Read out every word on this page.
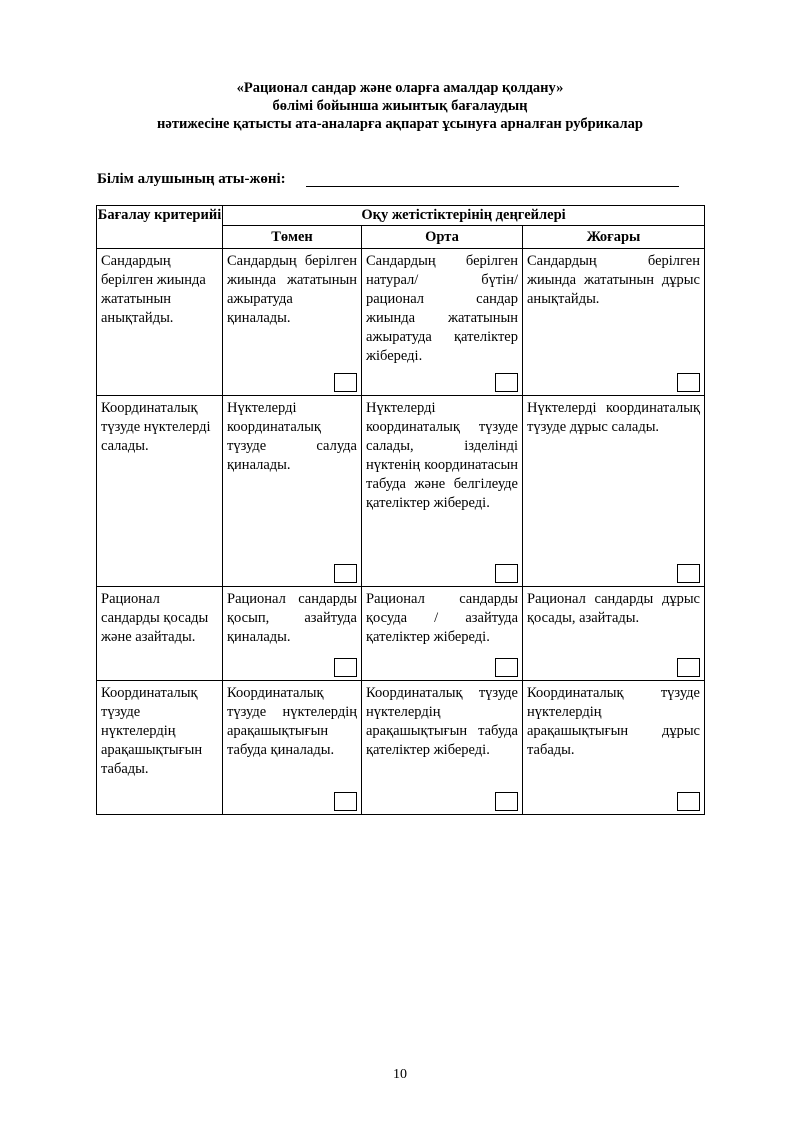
«Рационал сандар және оларға амалдар қолдану»
бөлімі бойынша жиынтық бағалаудың
нәтижесіне қатысты ата-аналарға ақпарат ұсынуға арналған рубрикалар
Білім алушының аты-жөні:
Бағалау критерийі	Оқу жетістіктерінің деңгейлері		
	Төмен	Орта	Жоғары

Сандардың берілген жиында жататынын анықтайды.	Сандардың берілген жиында жататынын ажыратуда қиналады.	Сандардың берілген натурал/ бүтін/ рационал сандар жиында жататынын ажыратуда қателіктер жібереді.	Сандардың берілген жиында жататынын дұрыс анықтайды.

Координаталық түзуде нүктелерді салады.	Нүктелерді координаталық түзуде салуда қиналады.	Нүктелерді координаталық түзуде салады, ізделінді нүктенің координатасын табуда және белгілеуде қателіктер жібереді.	Нүктелерді координаталық түзуде дұрыс салады.

Рационал сандарды қосады және азайтады.	Рационал сандарды қосып, азайтуда қиналады.	Рационал сандарды қосуда / азайтуда қателіктер жібереді.	Рационал сандарды дұрыс қосады, азайтады.

Координаталық түзуде нүктелердің арақашықтығын табады.	Координаталық түзуде нүктелердің арақашықтығын табуда қиналады.	Координаталық түзуде нүктелердің арақашықтығын табуда қателіктер жібереді.	Координаталық түзуде нүктелердің арақашықтығын дұрыс табады.
10
